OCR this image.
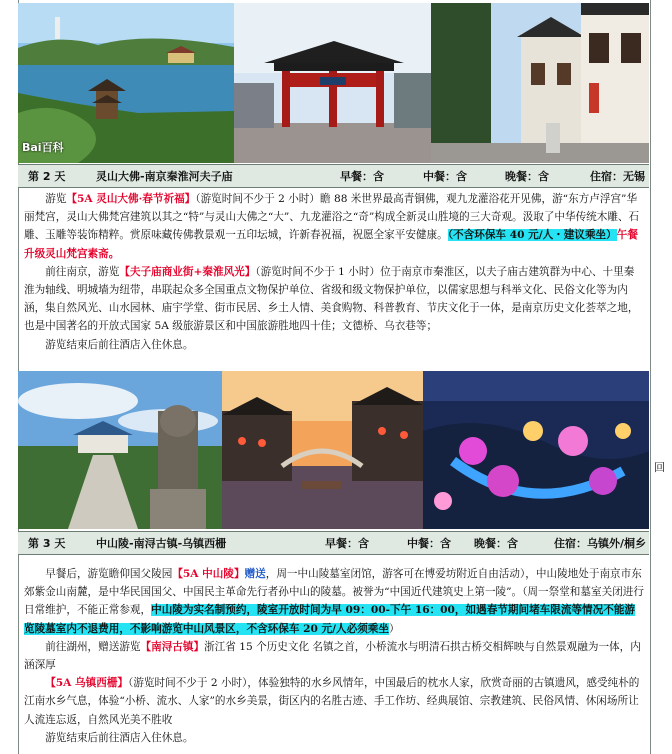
Bai百科
第 2 天	灵山大佛-南京秦淮河夫子庙	早餐：含	中餐：含	晚餐：含	住宿：无锡

游览【5A 灵山大佛·春节祈福】（游览时间不少于 2 小时）瞻 88 米世界最高青铜佛，观九龙灌浴花开见佛，游“东方卢浮宫”华丽梵宫，灵山大佛梵宫建筑以其之“特”与灵山大佛之“大”、九龙灌浴之“奇”构成全新灵山胜境的三大奇观。汲取了中华传统木雕、石雕、玉雕等装饰精粹。赏原味藏传佛教景观一五印坛城，许新春祝福，祝愿全家平安健康。（不含环保车 40 元/人・建议乘坐）午餐升级灵山梵宫素斋。

前往南京，游览【夫子庙商业街+秦淮风光】（游览时间不少于 1 小时）位于南京市秦淮区，以夫子庙古建筑群为中心、十里秦淮为轴线、明城墙为纽带，串联起众多全国重点文物保护单位、省级和级文物保护单位，以儒家思想与科举文化、民俗文化等为内涵，集自然风光、山水园林、庙宇学堂、街市民居、乡土人情、美食购物、科普教育、节庆文化于一体，是南京历史文化荟萃之地，也是中国著名的开放式国家 5A 级旅游景区和中国旅游胜地四十佳；文德桥、乌衣巷等；

游览结束后前往酒店入住休息。

第 3 天	中山陵-南浔古镇-乌镇西栅	早餐：含	中餐：含 晚餐：含	住宿：乌镇外/桐乡

早餐后，游览瞻仰国父陵园【5A 中山陵】赠送，周一中山陵墓室闭馆，游客可在博爱坊附近自由活动），中山陵地处于南京市东郊紫金山南麓，是中华民国国父、中国民主革命先行者孙中山的陵墓。被誉为“中国近代建筑史上第一陵”。（周一祭堂和墓室关闭进行日常维护，不能正常参观，中山陵为实名制预约，陵室开放时间为早 09：00-下午 16：00，如遇春节期间堵车限流等情况不能游览陵墓室内不退费用，不影响游览中山风景区，不含环保车 20 元/人必须乘坐）

前往湖州，赠送游览【南浔古镇】浙江省 15 个历史文化 名镇之首，小桥流水与明清石拱古桥交相辉映与自然景观融为一体，内涵深厚

【5A 乌镇西栅】（游览时间不少于 2 小时），体验独特的水乡风情年，中国最后的枕水人家，欣赏奇丽的古镇遗风，感受纯朴的江南水乡气息，体验“小桥、流水、人家”的水乡美景，街区内的名胜古迹、手工作坊、经典展馆、宗教建筑、民俗风情、休闲场所让人流连忘返，自然风光美不胜收

游览结束后前往酒店入住休息。

回
